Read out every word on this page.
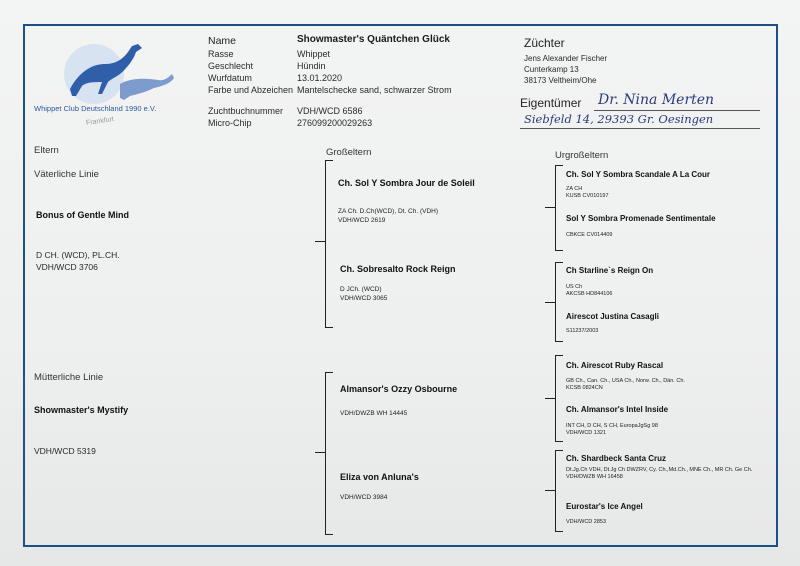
Whippet Club Deutschland 1990 e.V.
Frankfurt
Name
Rasse
Geschlecht
Wurfdatum
Farbe und Abzeichen
Zuchtbuchnummer
Micro-Chip
Showmaster's Quäntchen Glück
Whippet
Hündin
13.01.2020
Mantelschecke sand, schwarzer Strom
VDH/WCD 6586
276099200029263
Züchter
Jens Alexander Fischer
Cunterkamp 13
38173 Veltheim/Ohe
Eigentümer Dr. Nina Merten
Siebfeld 14, 29393 Gr. Oesingen
Eltern	Großeltern	Urgroßeltern
Väterliche Linie
Bonus of Gentle Mind
D CH. (WCD), PL.CH.
VDH/WCD 3706
Mütterliche Linie
Showmaster's Mystify
VDH/WCD 5319
Ch. Sol Y Sombra Jour de Soleil
ZA Ch. D.Ch(WCD), Dt. Ch. (VDH)
VDH/WCD 2619
Ch. Sobresalto Rock Reign
D JCh. (WCD)
VDH/WCD 3065
Almansor's Ozzy Osbourne
VDH/DWZB WH 14445
Eliza von Anluna's
VDH/WCD 3984
Ch. Sol Y Sombra Scandale A La Cour
ZA CH
KUSB CV010197
Sol Y Sombra Promenade Sentimentale
CBKCE CV014409
Ch Starline`s Reign On
US Ch
AKCSB HD844106
Airescot Justina Casagli
S11237/2003
Ch. Airescot Ruby Rascal
GB Ch., Can. Ch., USA Ch., Norw. Ch., Dän. Ch.
KCSB 0824CN
Ch. Almansor's Intel Inside
INT CH, D CH, S CH, EuropaJgSg 98
VDH/WCD 1321
Ch. Shardbeck Santa Cruz
Dt.Jg.Ch VDH, Dt.Jg Ch DWZRV, Cy. Ch.,Md.Ch., MNE Ch., MR Ch. Ge Ch.
VDH/DWZB WH 16458
Eurostar's Ice Angel
VDH/WCD 2853
